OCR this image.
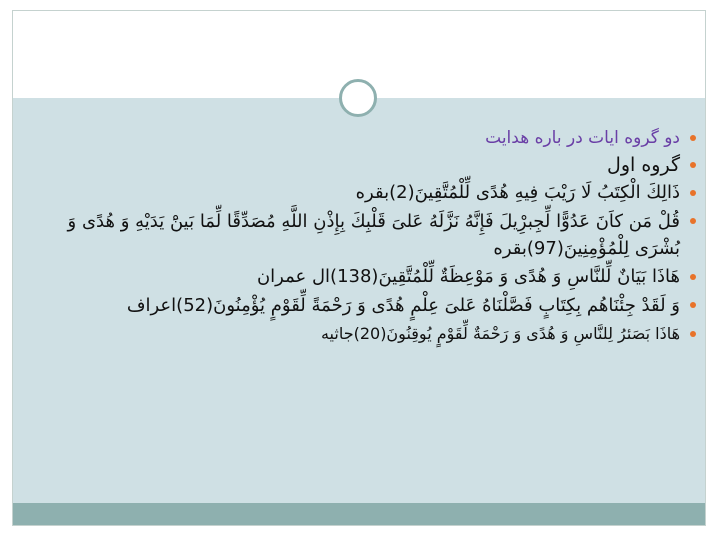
دو گروه ایات در باره هدایت

گروه اول

ذَالِكَ الْكِتَبُ لَا رَیْبَ فِیهِ هُدًى لِّلْمُتَّقِینَ(2)بقره

قُلْ مَن كاَنَ عَدُوًّا لِّجِبرِْیلَ فَإِنَّهُ نَزَّلَهُ عَلىَ‏ قَلْبِكَ بِإِذْنِ اللَّهِ مُصَدِّقًا لِّمَا بَینَْ یَدَیْهِ وَ هُدًى وَ بُشْرَى لِلْمُؤْمِنِینَ(97)بقره

هَاذَا بَیَانٌ لِّلنَّاسِ وَ هُدًى وَ مَوْعِظَةٌ لِّلْمُتَّقِینَ(138)ال عمران

وَ لَقَدْ جِئْنَاهُم بِكِتَابٍ فَصَّلْنَاهُ عَلىَ‏ عِلْمٍ هُدًى وَ رَحْمَةً لِّقَوْمٍ یُؤْمِنُونَ(52)اعراف

هَاذَا بَصَئرُ لِلنَّاسِ وَ هُدًى وَ رَحْمَةٌ لِّقَوْمٍ یُوقِنُونَ(20)جاثیه
